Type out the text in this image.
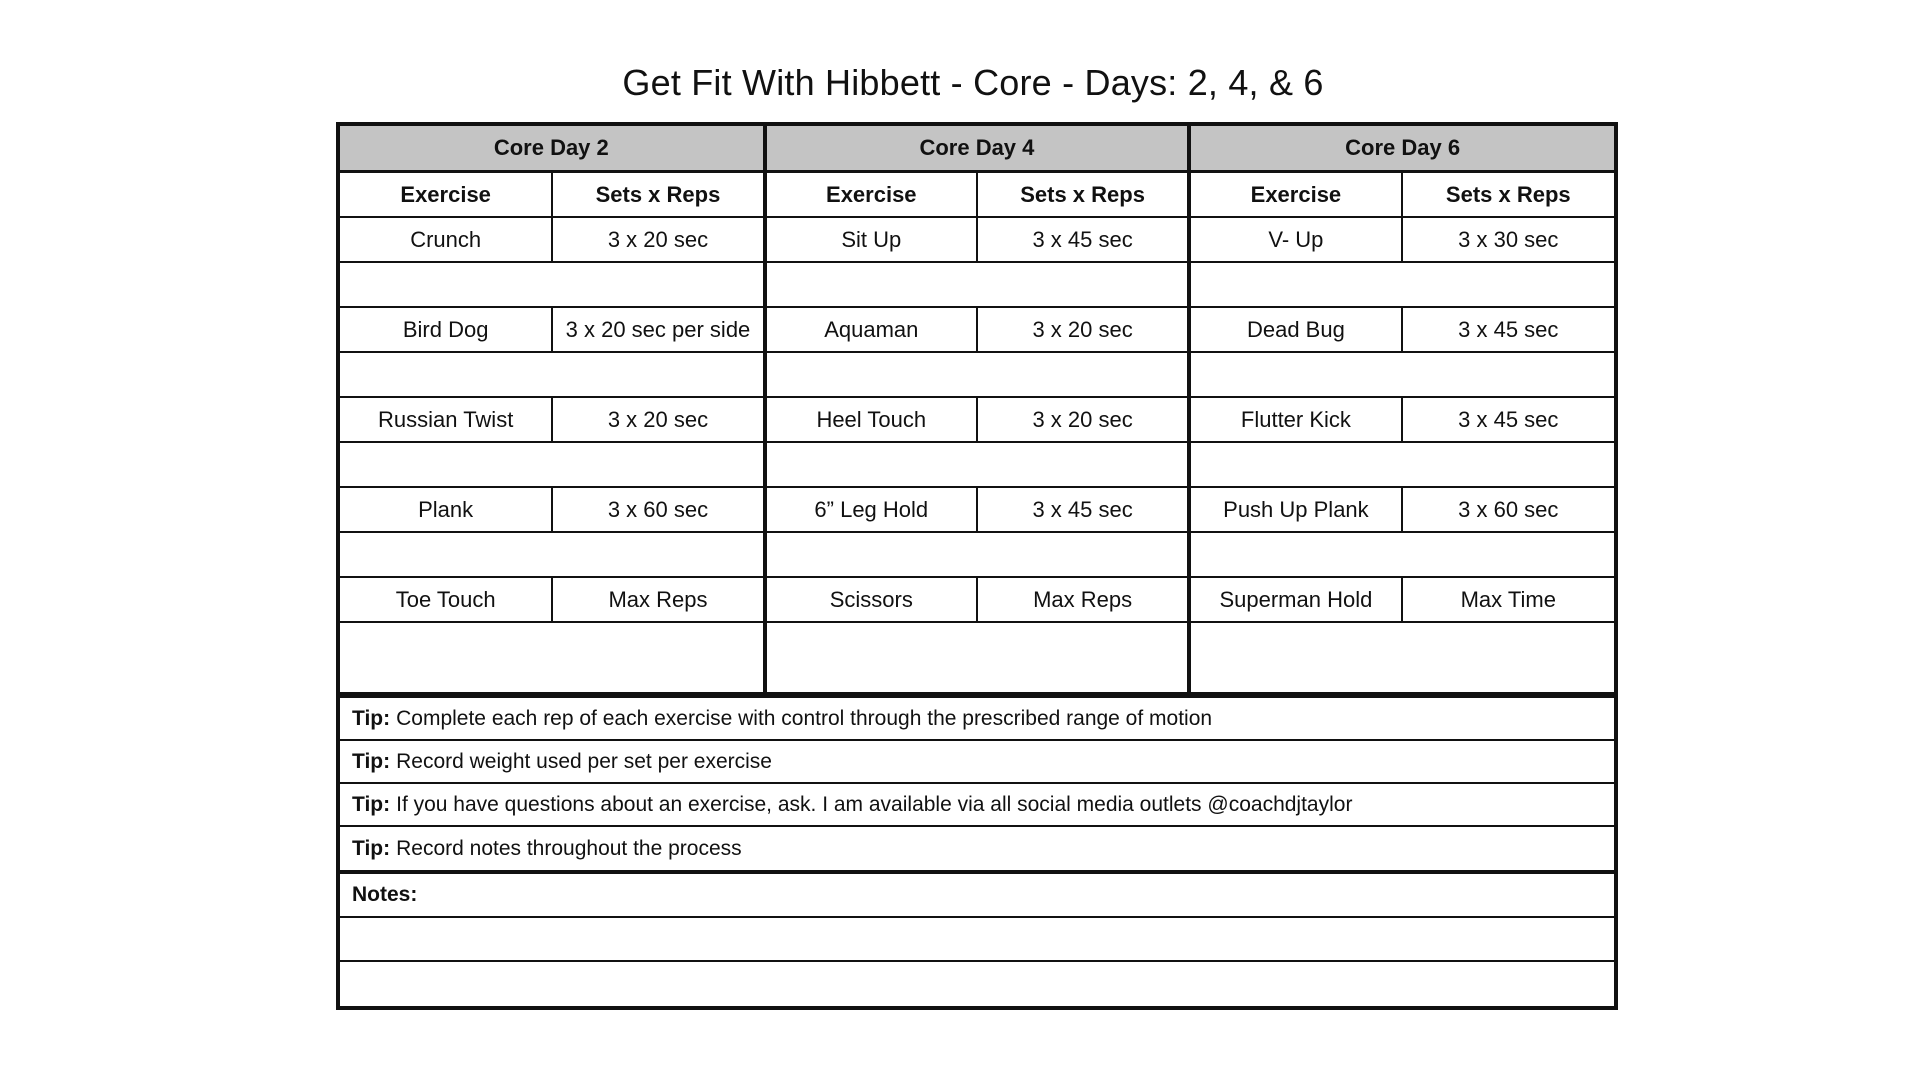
Get Fit With Hibbett - Core - Days: 2, 4, & 6
Core Day 2		Core Day 4		Core Day 6	
Exercise	Sets x Reps	Exercise	Sets x Reps	Exercise	Sets x Reps
Crunch	3 x 20 sec	Sit Up	3 x 45 sec	V- Up	3 x 30 sec

Bird Dog	3 x 20 sec per side	Aquaman	3 x 20 sec	Dead Bug	3 x 45 sec

Russian Twist	3 x 20 sec	Heel Touch	3 x 20 sec	Flutter Kick	3 x 45 sec

Plank	3 x 60 sec	6” Leg Hold	3 x 45 sec	Push Up Plank	3 x 60 sec

Toe Touch	Max Reps	Scissors	Max Reps	Superman Hold	Max Time

Tip: Complete each rep of each exercise with control through the prescribed range of motion
Tip: Record weight used per set per exercise
Tip: If you have questions about an exercise, ask. I am available via all social media outlets @coachdjtaylor
Tip: Record notes throughout the process
Notes:
